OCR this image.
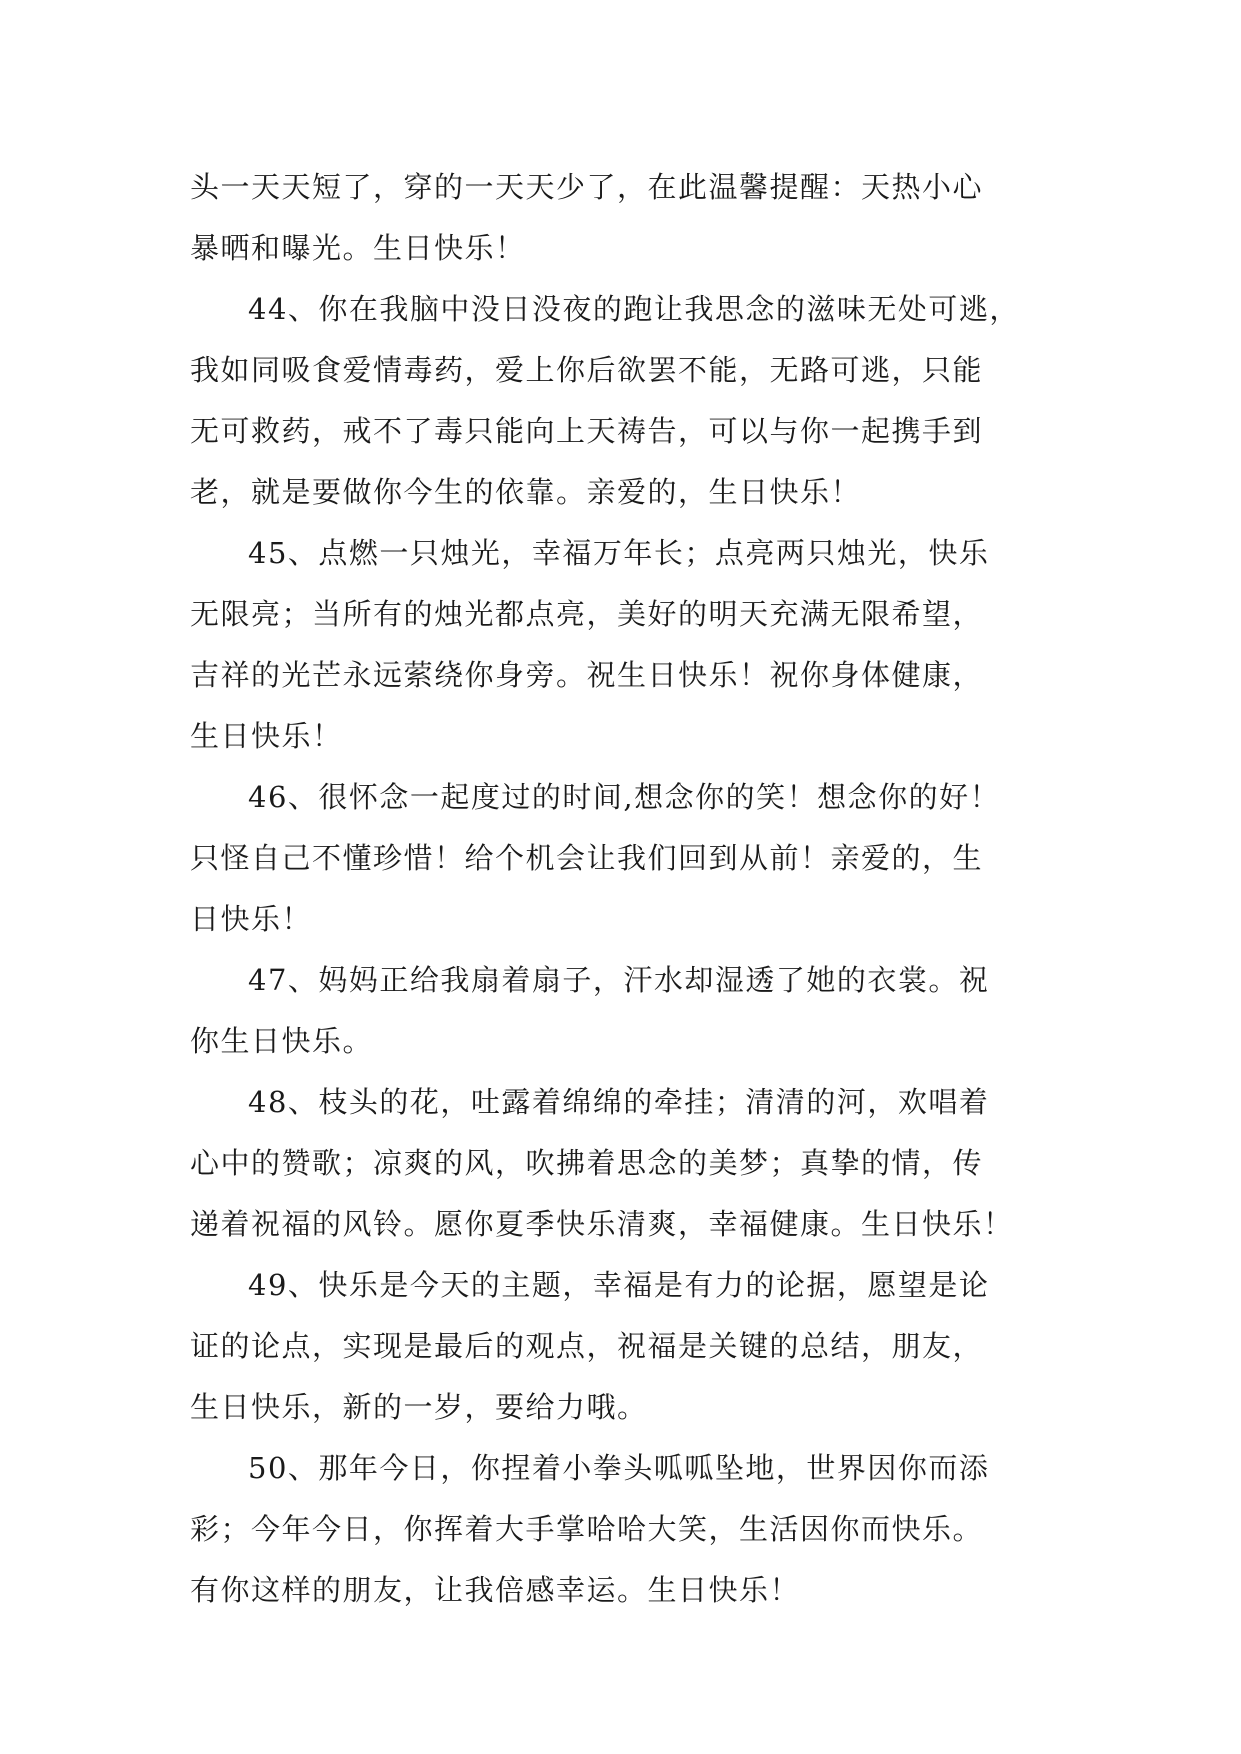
头一天天短了，穿的一天天少了，在此温馨提醒：天热小心
暴晒和曝光。生日快乐！
44、你在我脑中没日没夜的跑让我思念的滋味无处可逃，
我如同吸食爱情毒药，爱上你后欲罢不能，无路可逃，只能
无可救药，戒不了毒只能向上天祷告，可以与你一起携手到
老，就是要做你今生的依靠。亲爱的，生日快乐！
45、点燃一只烛光，幸福万年长；点亮两只烛光，快乐
无限亮；当所有的烛光都点亮，美好的明天充满无限希望，
吉祥的光芒永远萦绕你身旁。祝生日快乐！祝你身体健康，
生日快乐！
46、很怀念一起度过的时间,想念你的笑！想念你的好！
只怪自己不懂珍惜！给个机会让我们回到从前！亲爱的，生
日快乐！
47、妈妈正给我扇着扇子，汗水却湿透了她的衣裳。祝
你生日快乐。
48、枝头的花，吐露着绵绵的牵挂；清清的河，欢唱着
心中的赞歌；凉爽的风，吹拂着思念的美梦；真挚的情，传
递着祝福的风铃。愿你夏季快乐清爽，幸福健康。生日快乐！
49、快乐是今天的主题，幸福是有力的论据，愿望是论
证的论点，实现是最后的观点，祝福是关键的总结，朋友，
生日快乐，新的一岁，要给力哦。
50、那年今日，你捏着小拳头呱呱坠地，世界因你而添
彩；今年今日，你挥着大手掌哈哈大笑，生活因你而快乐。
有你这样的朋友，让我倍感幸运。生日快乐！
